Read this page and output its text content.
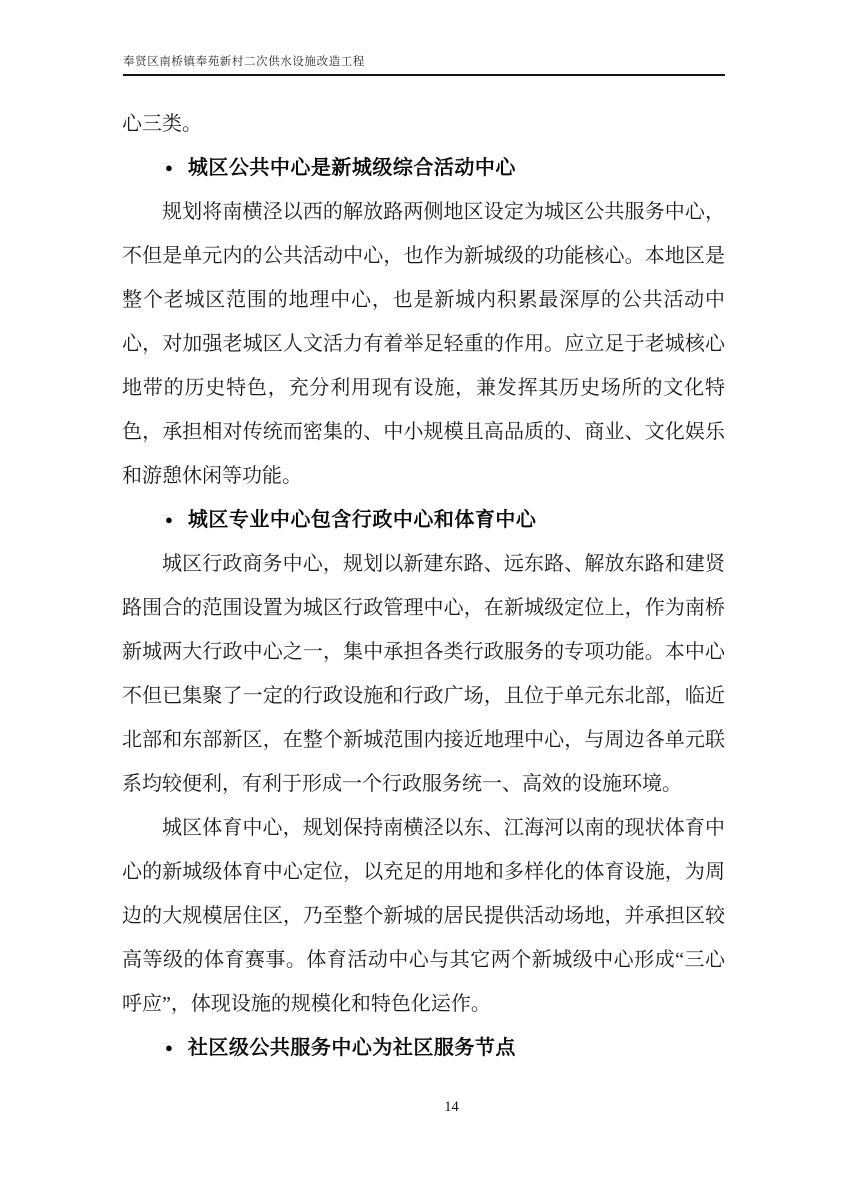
奉贤区南桥镇奉苑新村二次供水设施改造工程

心三类。

● 城区公共中心是新城级综合活动中心

规划将南横泾以西的解放路两侧地区设定为城区公共服务中心，不但是单元内的公共活动中心，也作为新城级的功能核心。本地区是整个老城区范围的地理中心，也是新城内积累最深厚的公共活动中心，对加强老城区人文活力有着举足轻重的作用。应立足于老城核心地带的历史特色，充分利用现有设施，兼发挥其历史场所的文化特色，承担相对传统而密集的、中小规模且高品质的、商业、文化娱乐和游憩休闲等功能。

● 城区专业中心包含行政中心和体育中心

城区行政商务中心，规划以新建东路、远东路、解放东路和建贤路围合的范围设置为城区行政管理中心，在新城级定位上，作为南桥新城两大行政中心之一，集中承担各类行政服务的专项功能。本中心不但已集聚了一定的行政设施和行政广场，且位于单元东北部，临近北部和东部新区，在整个新城范围内接近地理中心，与周边各单元联系均较便利，有利于形成一个行政服务统一、高效的设施环境。

城区体育中心，规划保持南横泾以东、江海河以南的现状体育中心的新城级体育中心定位，以充足的用地和多样化的体育设施，为周边的大规模居住区，乃至整个新城的居民提供活动场地，并承担区较高等级的体育赛事。体育活动中心与其它两个新城级中心形成“三心呼应”，体现设施的规模化和特色化运作。

● 社区级公共服务中心为社区服务节点

14
